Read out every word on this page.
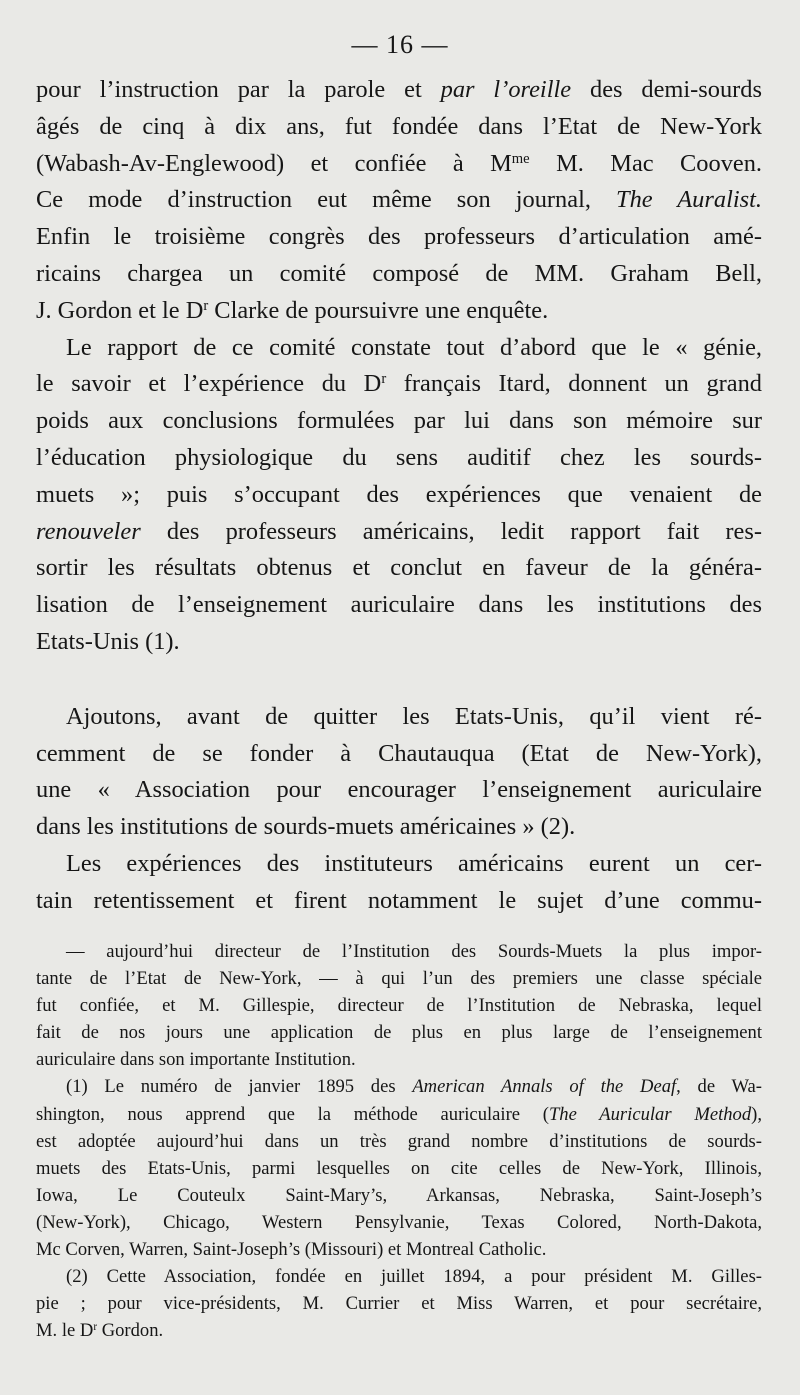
— 16 —

pour l’instruction par la parole et par l’oreille des demi-sourds
âgés de cinq à dix ans, fut fondée dans l’Etat de New-York
(Wabash-Av-Englewood) et confiée à $M^{me}$ M. Mac Cooven.
Ce mode d’instruction eut même son journal, The Auralist.
Enfin le troisième congrès des professeurs d’articulation amé-
ricains chargea un comité composé de MM. Graham Bell,
J. Gordon et le $D^r$ Clarke de poursuivre une enquête.

Le rapport de ce comité constate tout d’abord que le « génie,
le savoir et l’expérience du $D^r$ français Itard, donnent un grand
poids aux conclusions formulées par lui dans son mémoire sur
l’éducation physiologique du sens auditif chez les sourds-
muets »; puis s’occupant des expériences que venaient de
renouveler des professeurs américains, ledit rapport fait res-
sortir les résultats obtenus et conclut en faveur de la généra-
lisation de l’enseignement auriculaire dans les institutions des
Etats-Unis (1).

Ajoutons, avant de quitter les Etats-Unis, qu’il vient ré-
cemment de se fonder à Chautauqua (Etat de New-York),
une « Association pour encourager l’enseignement auriculaire
dans les institutions de sourds-muets américaines » (2).

Les expériences des instituteurs américains eurent un cer-
tain retentissement et firent notamment le sujet d’une commu-

— aujourd’hui directeur de l’Institution des Sourds-Muets la plus impor-
tante de l’Etat de New-York, — à qui l’un des premiers une classe spéciale
fut confiée, et M. Gillespie, directeur de l’Institution de Nebraska, lequel
fait de nos jours une application de plus en plus large de l’enseignement
auriculaire dans son importante Institution.

(1) Le numéro de janvier 1895 des American Annals of the Deaf, de Wa-
shington, nous apprend que la méthode auriculaire (The Auricular Method),
est adoptée aujourd’hui dans un très grand nombre d’institutions de sourds-
muets des Etats-Unis, parmi lesquelles on cite celles de New-York, Illinois,
Iowa, Le Couteulx Saint-Mary’s, Arkansas, Nebraska, Saint-Joseph’s
(New-York), Chicago, Western Pensylvanie, Texas Colored, North-Dakota,
Mc Corven, Warren, Saint-Joseph’s (Missouri) et Montreal Catholic.

(2) Cette Association, fondée en juillet 1894, a pour président M. Gilles-
pie ; pour vice-présidents, M. Currier et Miss Warren, et pour secrétaire,
M. le $D^r$ Gordon.
